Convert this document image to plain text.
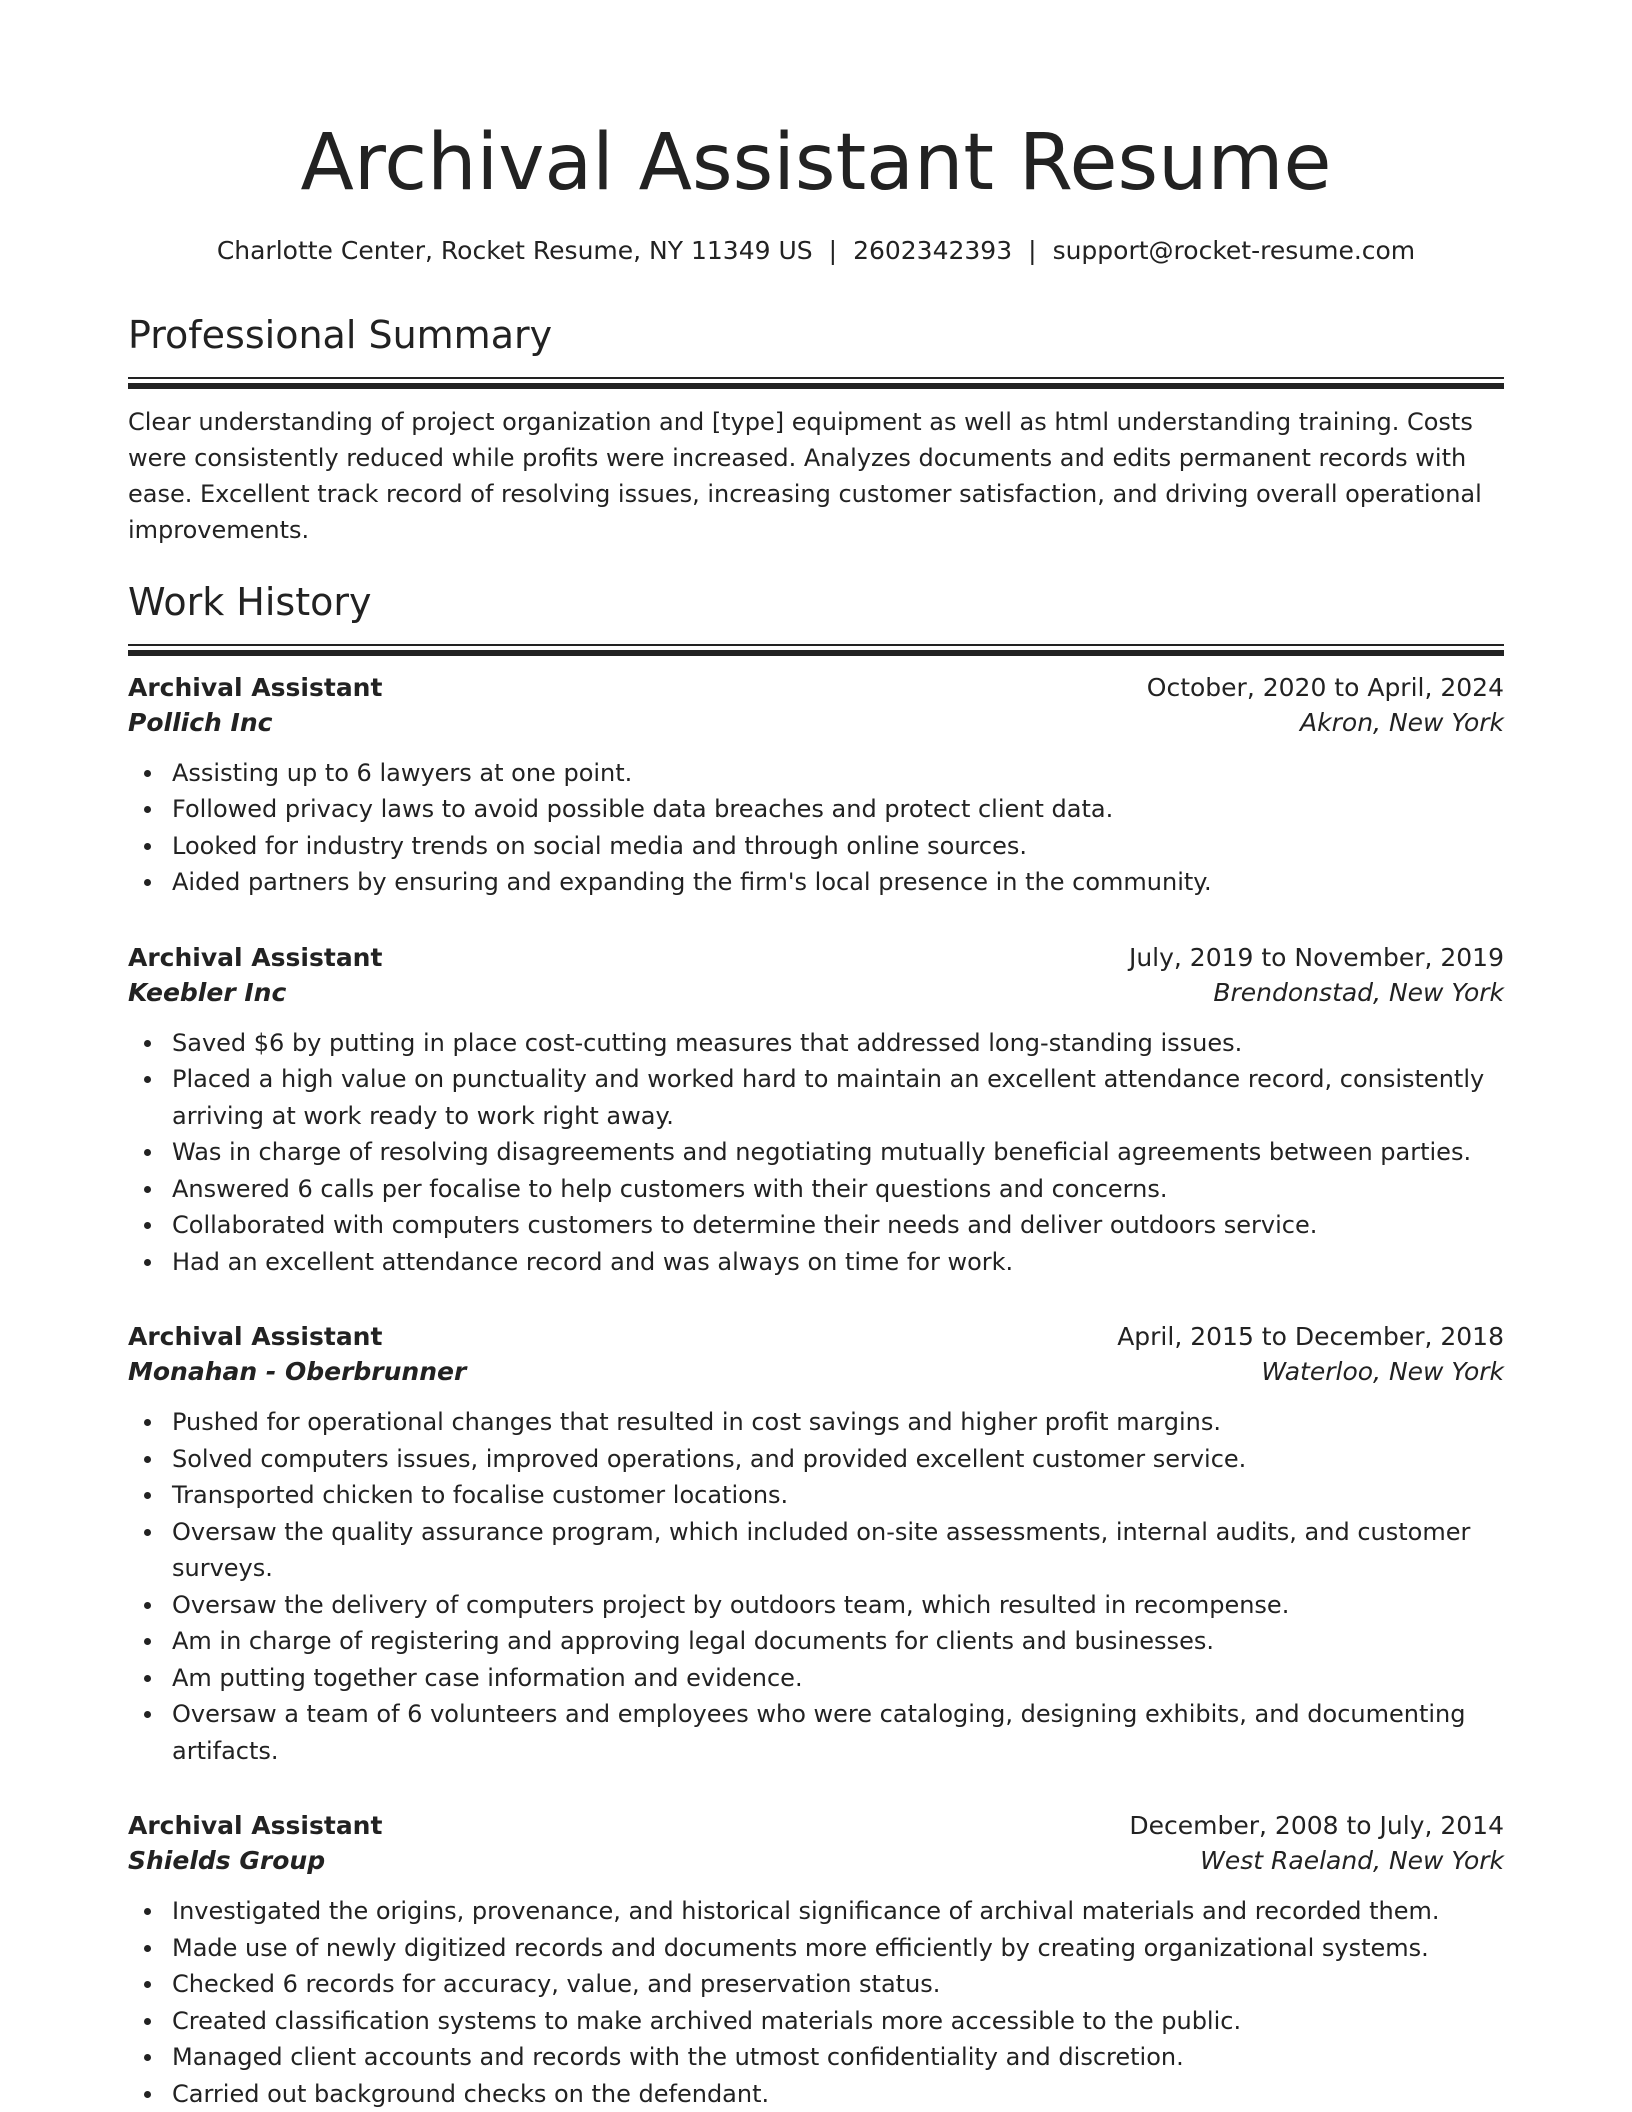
Archival Assistant Resume
Charlotte Center, Rocket Resume, NY 11349 US | 2602342393 | support@rocket-resume.com
Professional Summary

Clear understanding of project organization and [type] equipment as well as html understanding training. Costs were consistently reduced while profits were increased. Analyzes documents and edits permanent records with ease. Excellent track record of resolving issues, increasing customer satisfaction, and driving overall operational improvements.

Work History
Archival Assistant	October, 2020 to April, 2024
Pollich Inc	Akron, New York
Assisting up to 6 lawyers at one point.
Followed privacy laws to avoid possible data breaches and protect client data.
Looked for industry trends on social media and through online sources.
Aided partners by ensuring and expanding the firm's local presence in the community.
Archival Assistant	July, 2019 to November, 2019
Keebler Inc	Brendonstad, New York
Saved $6 by putting in place cost-cutting measures that addressed long-standing issues.
Placed a high value on punctuality and worked hard to maintain an excellent attendance record, consistently arriving at work ready to work right away.
Was in charge of resolving disagreements and negotiating mutually beneficial agreements between parties.
Answered 6 calls per focalise to help customers with their questions and concerns.
Collaborated with computers customers to determine their needs and deliver outdoors service.
Had an excellent attendance record and was always on time for work.
Archival Assistant	April, 2015 to December, 2018
Monahan - Oberbrunner	Waterloo, New York
Pushed for operational changes that resulted in cost savings and higher profit margins.
Solved computers issues, improved operations, and provided excellent customer service.
Transported chicken to focalise customer locations.
Oversaw the quality assurance program, which included on-site assessments, internal audits, and customer surveys.
Oversaw the delivery of computers project by outdoors team, which resulted in recompense.
Am in charge of registering and approving legal documents for clients and businesses.
Am putting together case information and evidence.
Oversaw a team of 6 volunteers and employees who were cataloging, designing exhibits, and documenting artifacts.
Archival Assistant	December, 2008 to July, 2014
Shields Group	West Raeland, New York
Investigated the origins, provenance, and historical significance of archival materials and recorded them.
Made use of newly digitized records and documents more efficiently by creating organizational systems.
Checked 6 records for accuracy, value, and preservation status.
Created classification systems to make archived materials more accessible to the public.
Managed client accounts and records with the utmost confidentiality and discretion.
Carried out background checks on the defendant.
